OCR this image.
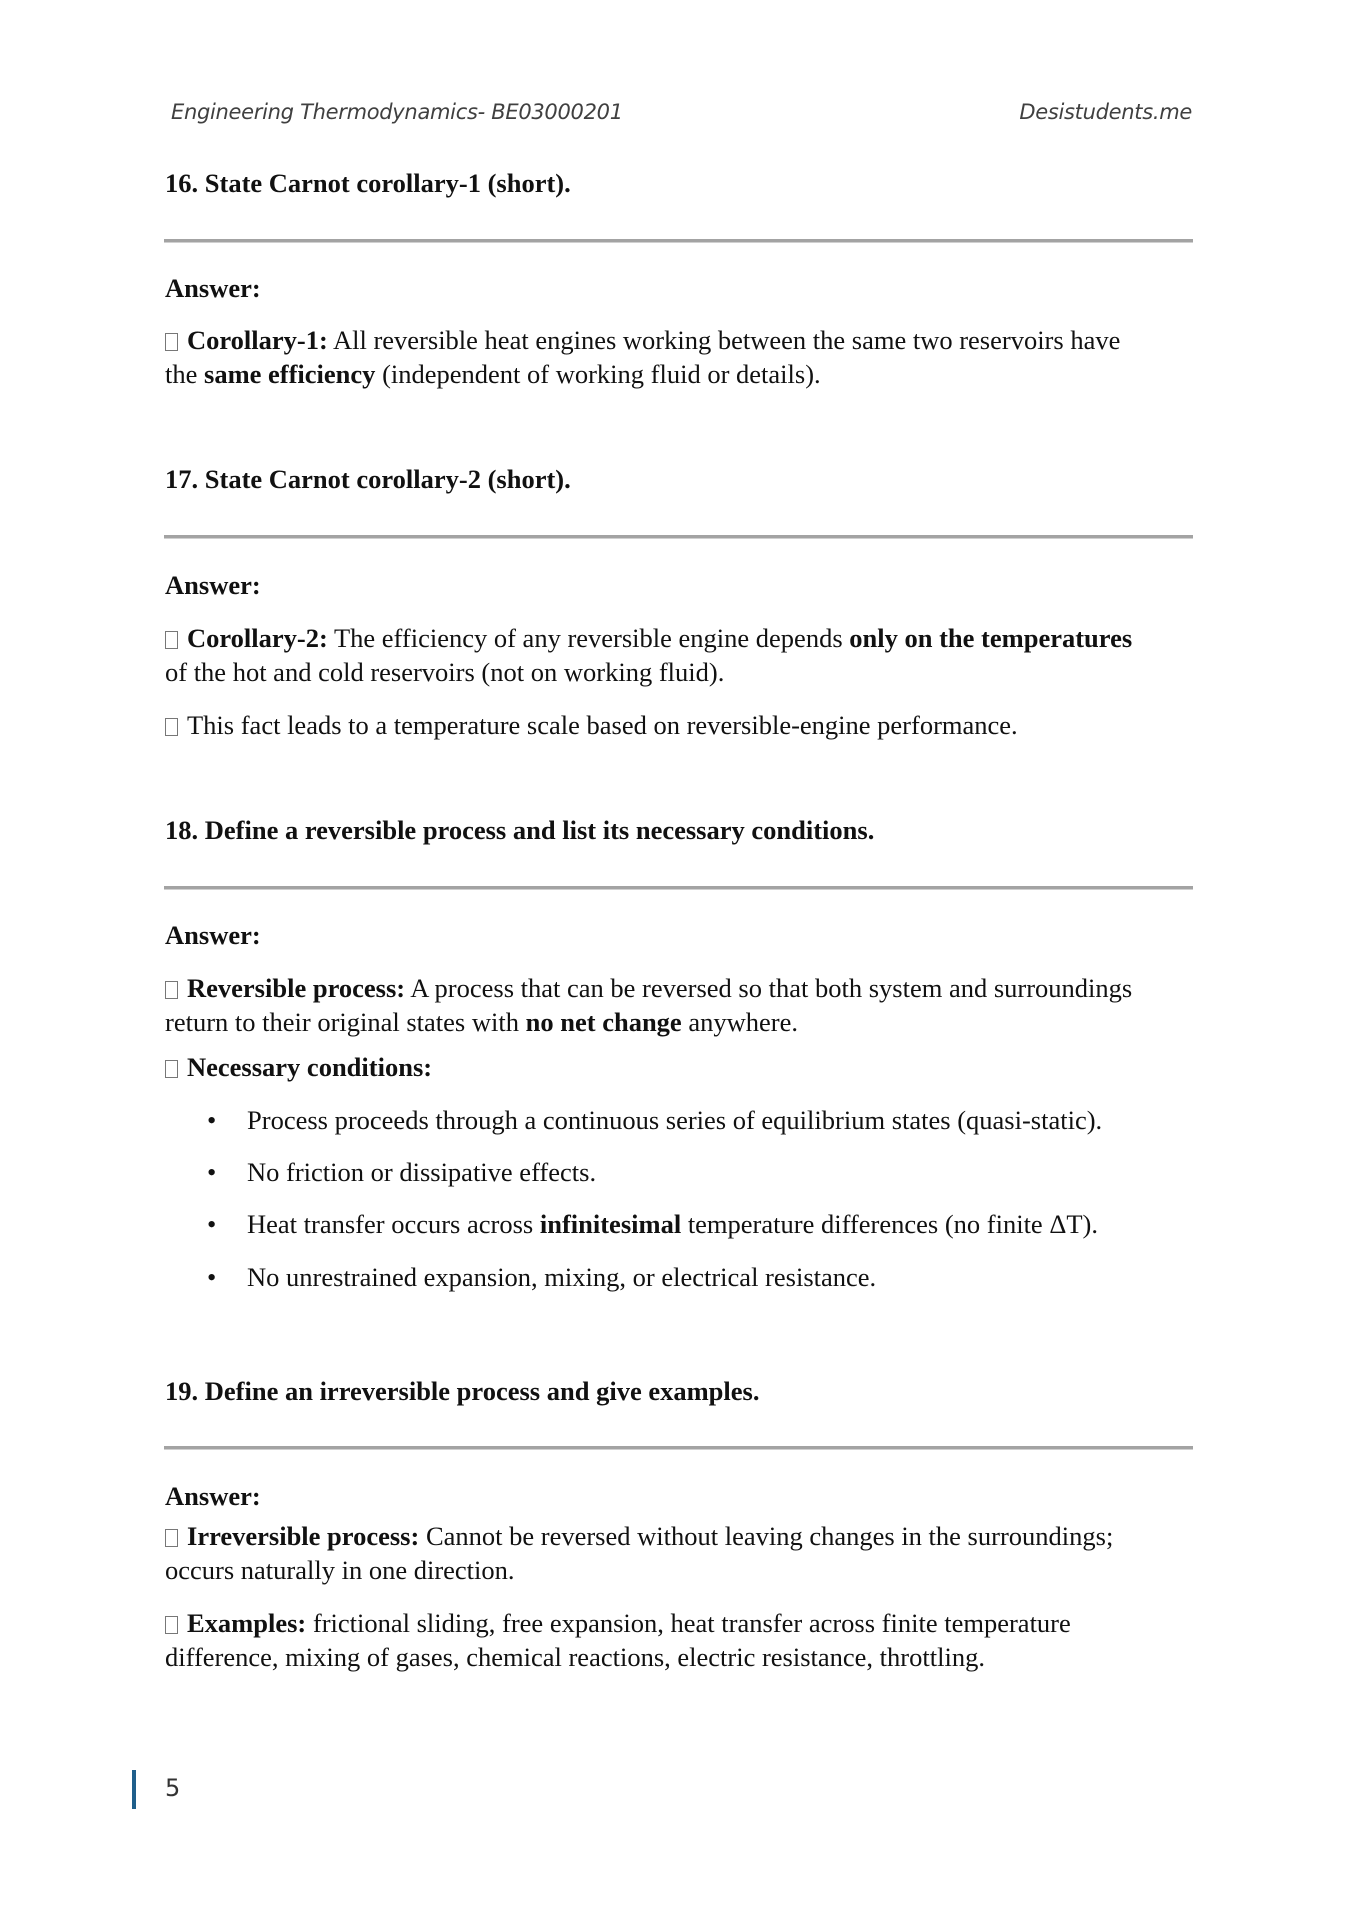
Engineering Thermodynamics- BE03000201	Desistudents.me
16. State Carnot corollary-1 (short).
Answer:
Corollary-1: All reversible heat engines working between the same two reservoirs have
the same efficiency (independent of working fluid or details).
17. State Carnot corollary-2 (short).
Answer:
Corollary-2: The efficiency of any reversible engine depends only on the temperatures
of the hot and cold reservoirs (not on working fluid).
This fact leads to a temperature scale based on reversible-engine performance.
18. Define a reversible process and list its necessary conditions.
Answer:
Reversible process: A process that can be reversed so that both system and surroundings
return to their original states with no net change anywhere.
Necessary conditions:
• Process proceeds through a continuous series of equilibrium states (quasi-static).
• No friction or dissipative effects.
• Heat transfer occurs across infinitesimal temperature differences (no finite ΔT).
• No unrestrained expansion, mixing, or electrical resistance.
19. Define an irreversible process and give examples.
Answer:
Irreversible process: Cannot be reversed without leaving changes in the surroundings;
occurs naturally in one direction.
Examples: frictional sliding, free expansion, heat transfer across finite temperature
difference, mixing of gases, chemical reactions, electric resistance, throttling.
5
